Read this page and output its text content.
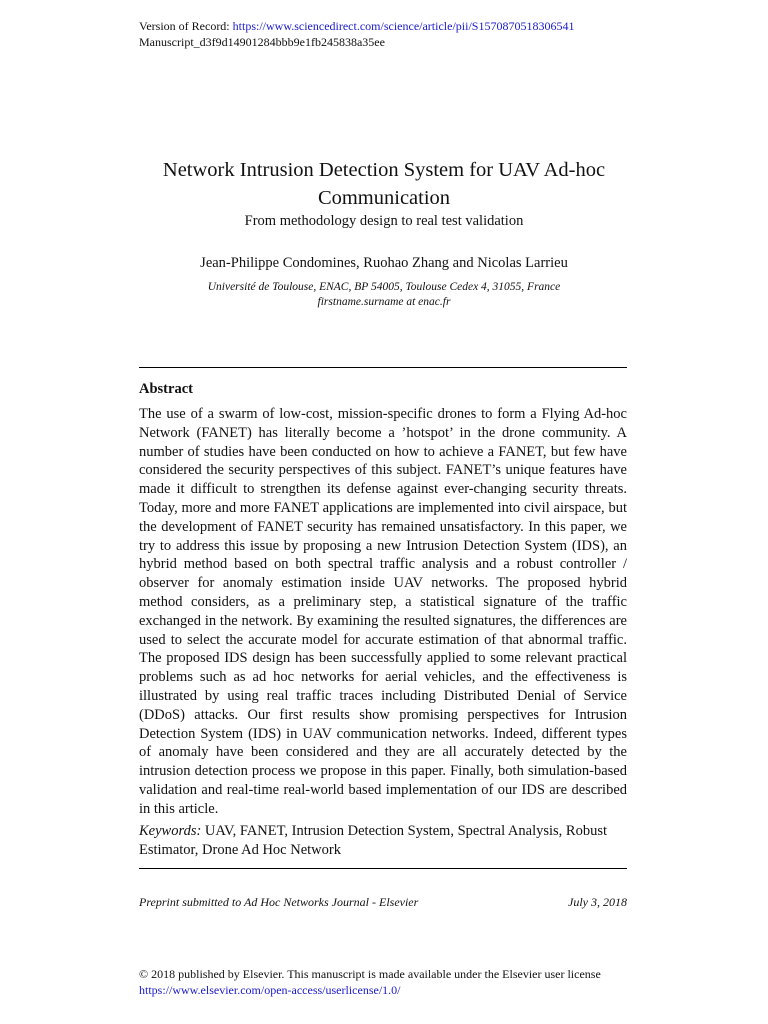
Version of Record: https://www.sciencedirect.com/science/article/pii/S1570870518306541
Manuscript_d3f9d14901284bbb9e1fb245838a35ee
Network Intrusion Detection System for UAV Ad-hoc Communication
From methodology design to real test validation
Jean-Philippe Condomines, Ruohao Zhang and Nicolas Larrieu
Université de Toulouse, ENAC, BP 54005, Toulouse Cedex 4, 31055, France
firstname.surname at enac.fr
Abstract
The use of a swarm of low-cost, mission-specific drones to form a Flying Ad-hoc Network (FANET) has literally become a ’hotspot’ in the drone community. A number of studies have been conducted on how to achieve a FANET, but few have considered the security perspectives of this subject. FANET’s unique features have made it difficult to strengthen its defense against ever-changing security threats. Today, more and more FANET applications are implemented into civil airspace, but the development of FANET security has remained unsatisfactory. In this paper, we try to address this issue by proposing a new Intrusion Detection System (IDS), an hybrid method based on both spectral traffic analysis and a robust controller / observer for anomaly estimation inside UAV networks. The proposed hybrid method considers, as a preliminary step, a statistical signature of the traffic exchanged in the network. By examining the resulted signatures, the differences are used to select the accurate model for accurate estimation of that abnormal traffic. The proposed IDS design has been successfully applied to some relevant practical problems such as ad hoc networks for aerial vehicles, and the effectiveness is illustrated by using real traffic traces including Distributed Denial of Service (DDoS) attacks. Our first results show promising perspectives for Intrusion Detection System (IDS) in UAV communication networks. Indeed, different types of anomaly have been considered and they are all accurately detected by the intrusion detection process we propose in this paper. Finally, both simulation-based validation and real-time real-world based implementation of our IDS are described in this article.
Keywords: UAV, FANET, Intrusion Detection System, Spectral Analysis, Robust Estimator, Drone Ad Hoc Network
Preprint submitted to Ad Hoc Networks Journal - Elsevier	July 3, 2018
© 2018 published by Elsevier. This manuscript is made available under the Elsevier user license
https://www.elsevier.com/open-access/userlicense/1.0/
